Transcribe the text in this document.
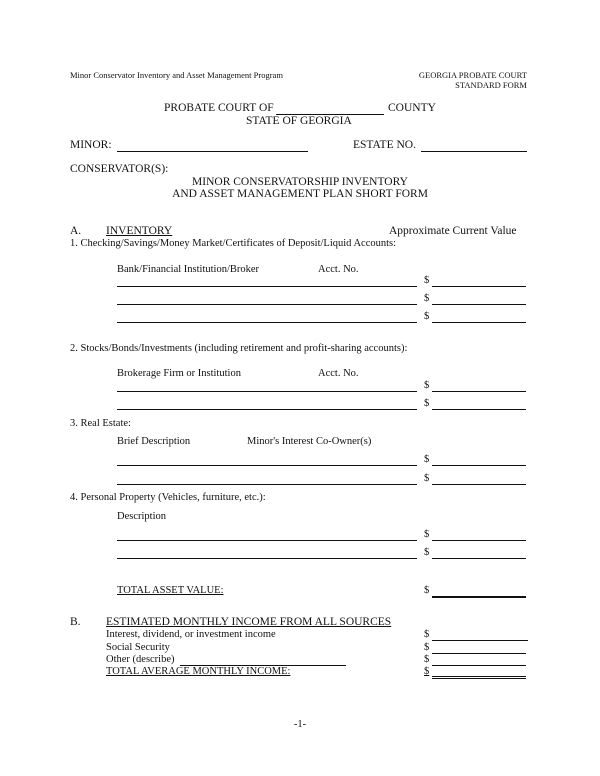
Minor Conservator Inventory and Asset Management Program	GEORGIA PROBATE COURT
STANDARD FORM
PROBATE COURT OF	COUNTY
STATE OF GEORGIA
MINOR:	ESTATE NO.
CONSERVATOR(S):
MINOR CONSERVATORSHIP INVENTORY
AND ASSET MANAGEMENT PLAN SHORT FORM
A. INVENTORY	Approximate Current Value
1. Checking/Savings/Money Market/Certificates of Deposit/Liquid Accounts:
Bank/Financial Institution/Broker	Acct. No.
$
$
$
2. Stocks/Bonds/Investments (including retirement and profit-sharing accounts):
Brokerage Firm or Institution	Acct. No.
$
$
3. Real Estate:
Brief Description	Minor's Interest Co-Owner(s)
$
$
4. Personal Property (Vehicles, furniture, etc.):
Description
$
$
TOTAL ASSET VALUE:	$
B. ESTIMATED MONTHLY INCOME FROM ALL SOURCES
Interest, dividend, or investment income	$
Social Security	$
Other (describe)	$
TOTAL AVERAGE MONTHLY INCOME:	$
-1-
